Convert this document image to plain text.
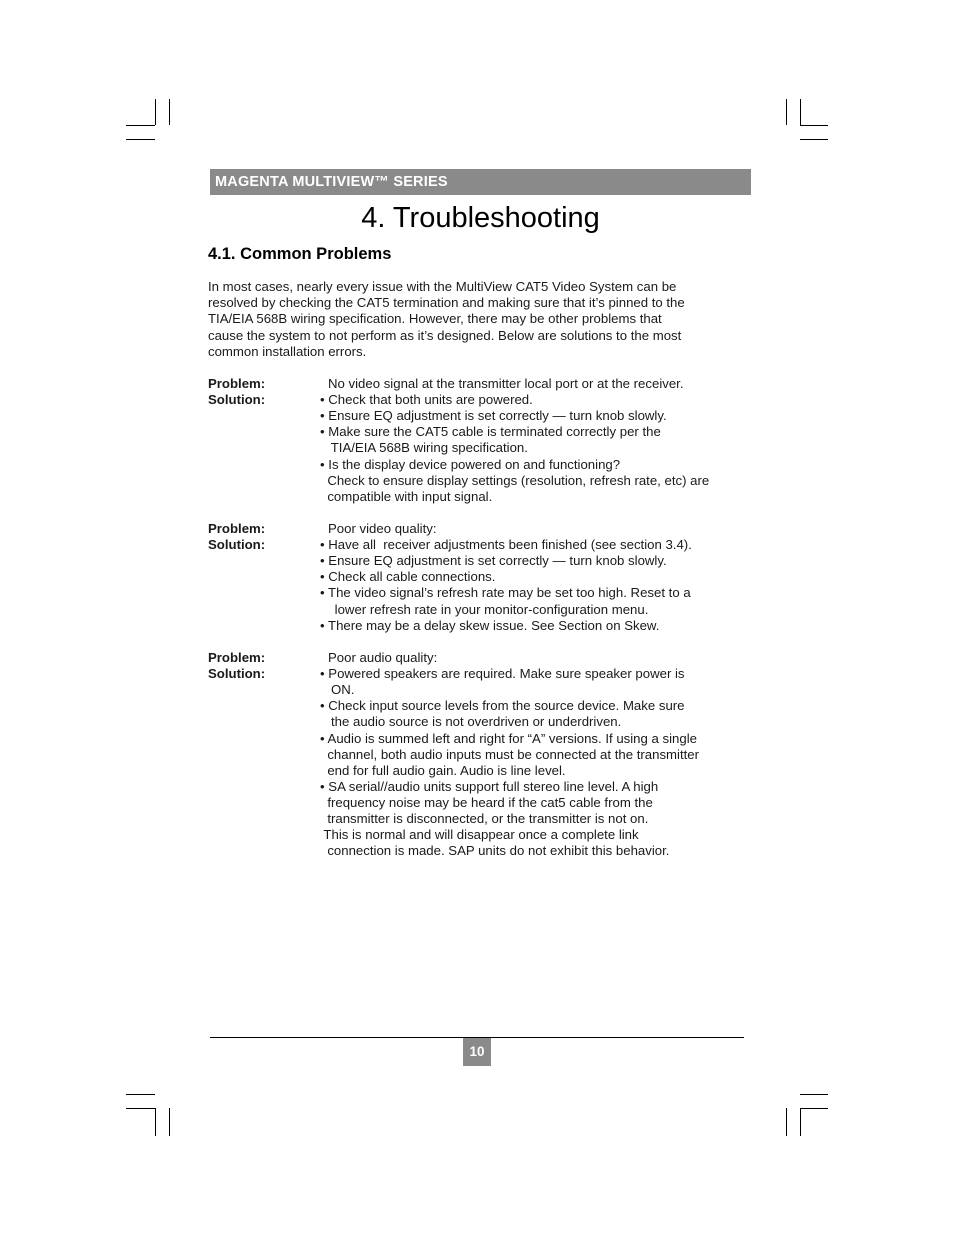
MAGENTA MULTIVIEW™ SERIES
4. Troubleshooting
4.1. Common Problems
In most cases, nearly every issue with the MultiView CAT5 Video System can be
resolved by checking the CAT5 termination and making sure that it’s pinned to the
TIA/EIA 568B wiring specification. However, there may be other problems that
cause the system to not perform as it’s designed. Below are solutions to the most
common installation errors.
Problem:	No video signal at the transmitter local port or at the receiver.
Solution:	• Check that both units are powered.
• Ensure EQ adjustment is set correctly — turn knob slowly.
• Make sure the CAT5 cable is terminated correctly per the
TIA/EIA 568B wiring specification.
• Is the display device powered on and functioning?
Check to ensure display settings (resolution, refresh rate, etc) are
compatible with input signal.
Problem:	Poor video quality:
Solution:	• Have all  receiver adjustments been finished (see section 3.4).
• Ensure EQ adjustment is set correctly — turn knob slowly.
• Check all cable connections.
• The video signal’s refresh rate may be set too high. Reset to a
lower refresh rate in your monitor-configuration menu.
• There may be a delay skew issue. See Section on Skew.
Problem:	Poor audio quality:
Solution:	• Powered speakers are required. Make sure speaker power is
ON.
• Check input source levels from the source device. Make sure
the audio source is not overdriven or underdriven.
• Audio is summed left and right for “A” versions. If using a single
channel, both audio inputs must be connected at the transmitter
end for full audio gain. Audio is line level.
• SA serial//audio units support full stereo line level. A high
frequency noise may be heard if the cat5 cable from the
transmitter is disconnected, or the transmitter is not on.
This is normal and will disappear once a complete link
connection is made. SAP units do not exhibit this behavior.
10
